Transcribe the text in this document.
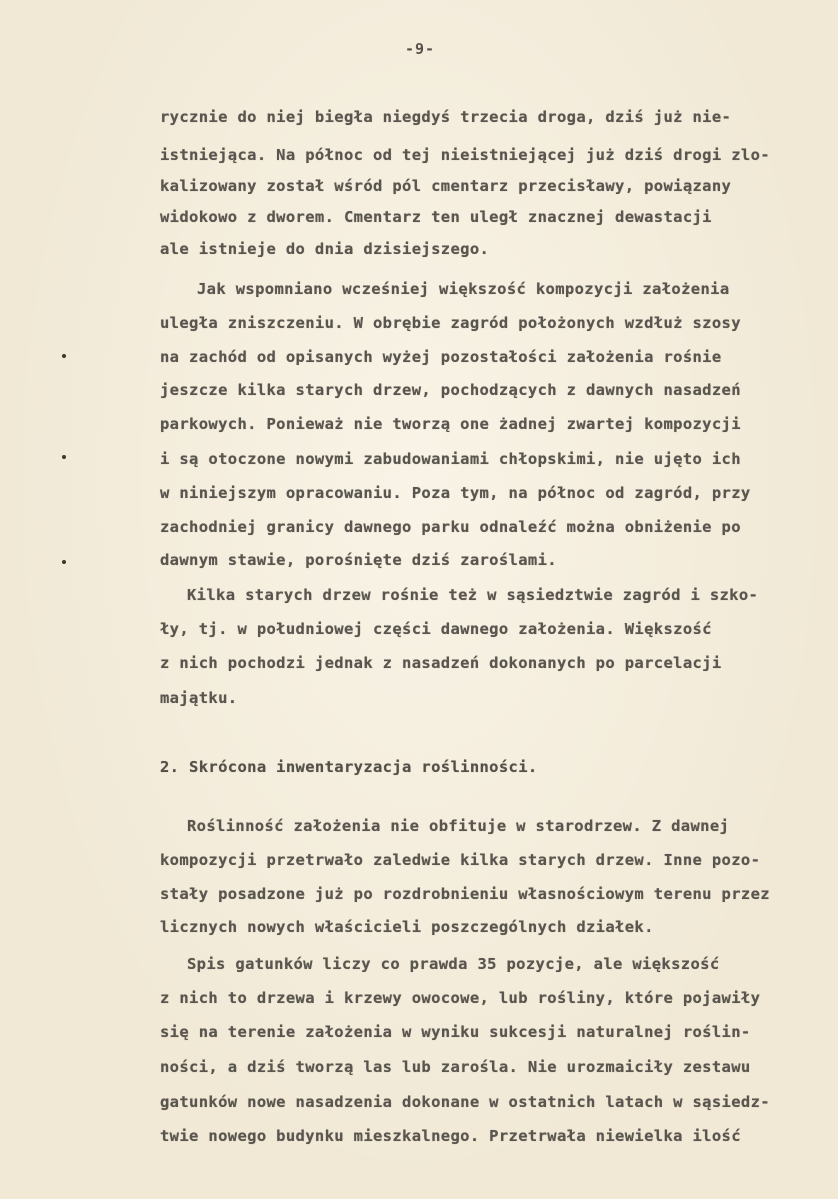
-9-
rycznie do niej biegła niegdyś trzecia droga, dziś już nie-
istniejąca. Na północ od tej nieistniejącej już dziś drogi zlo-
kalizowany został wśród pól cmentarz przecisławy, powiązany
widokowo z dworem. Cmentarz ten uległ znacznej dewastacji
ale istnieje do dnia dzisiejszego.
Jak wspomniano wcześniej większość kompozycji założenia
uległa zniszczeniu. W obrębie zagród położonych wzdłuż szosy
na zachód od opisanych wyżej pozostałości założenia rośnie
jeszcze kilka starych drzew, pochodzących z dawnych nasadzeń
parkowych. Ponieważ nie tworzą one żadnej zwartej kompozycji
i są otoczone nowymi zabudowaniami chłopskimi, nie ujęto ich
w niniejszym opracowaniu. Poza tym, na północ od zagród, przy
zachodniej granicy dawnego parku odnaleźć można obniżenie po
dawnym stawie, porośnięte dziś zaroślami.
Kilka starych drzew rośnie też w sąsiedztwie zagród i szko-
ły, tj. w południowej części dawnego założenia. Większość
z nich pochodzi jednak z nasadzeń dokonanych po parcelacji
majątku.
2. Skrócona inwentaryzacja roślinności.
Roślinność założenia nie obfituje w starodrzew. Z dawnej
kompozycji przetrwało zaledwie kilka starych drzew. Inne pozo-
stały posadzone już po rozdrobnieniu własnościowym terenu przez
licznych nowych właścicieli poszczególnych działek.
Spis gatunków liczy co prawda 35 pozycje, ale większość
z nich to drzewa i krzewy owocowe, lub rośliny, które pojawiły
się na terenie założenia w wyniku sukcesji naturalnej roślin-
ności, a dziś tworzą las lub zarośla. Nie urozmaiciły zestawu
gatunków nowe nasadzenia dokonane w ostatnich latach w sąsiedz-
twie nowego budynku mieszkalnego. Przetrwała niewielka ilość
